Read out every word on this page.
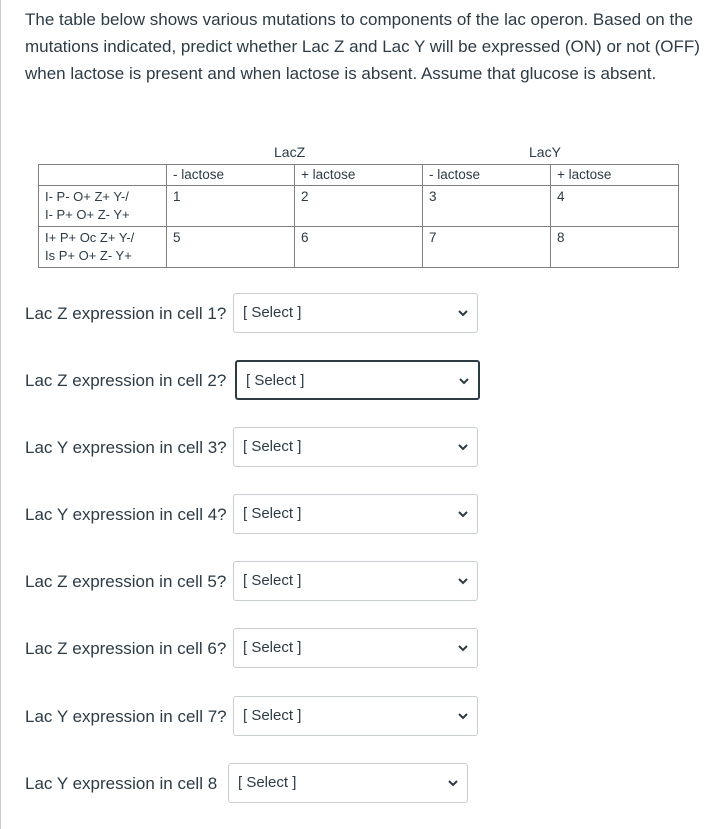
The table below shows various mutations to components of the lac operon. Based on the mutations indicated, predict whether Lac Z and Lac Y will be expressed (ON) or not (OFF) when lactose is present and when lactose is absent. Assume that glucose is absent.
LacZ	LacY
	- lactose	+ lactose	- lactose	+ lactose

I- P- O+ Z+ Y-/
I- P+ O+ Z- Y+	1	2	3	4

I+ P+ Oc Z+ Y-/
Is P+ O+ Z- Y+	5	6	7	8
Lac Z expression in cell 1? [ Select ]
Lac Z expression in cell 2? [ Select ]
Lac Y expression in cell 3? [ Select ]
Lac Y expression in cell 4? [ Select ]
Lac Z expression in cell 5? [ Select ]
Lac Z expression in cell 6? [ Select ]
Lac Y expression in cell 7? [ Select ]
Lac Y expression in cell 8 [ Select ]
